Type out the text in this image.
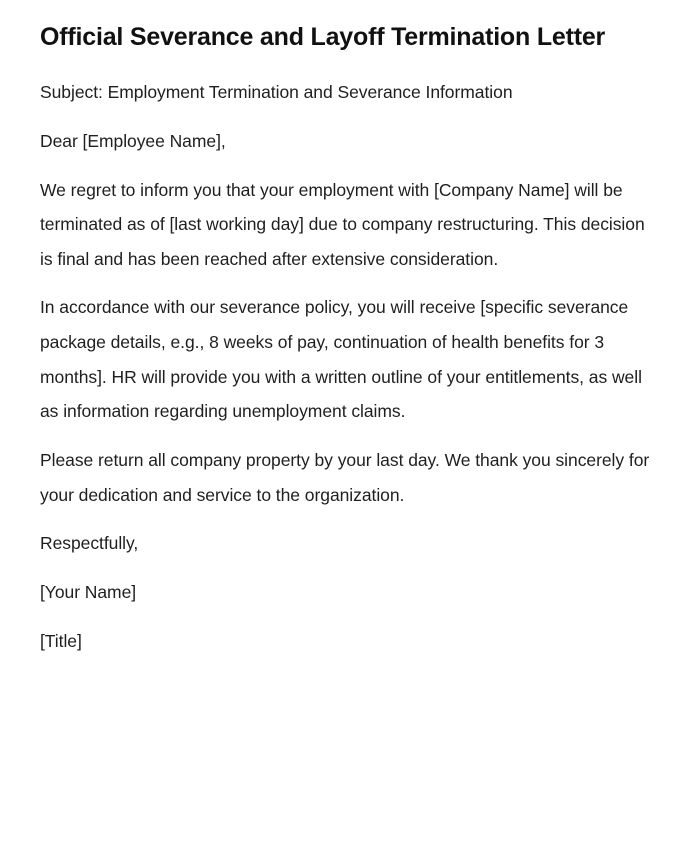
Official Severance and Layoff Termination Letter

Subject: Employment Termination and Severance Information

Dear [Employee Name],

We regret to inform you that your employment with [Company Name] will be terminated as of [last working day] due to company restructuring. This decision is final and has been reached after extensive consideration.

In accordance with our severance policy, you will receive [specific severance package details, e.g., 8 weeks of pay, continuation of health benefits for 3 months]. HR will provide you with a written outline of your entitlements, as well as information regarding unemployment claims.

Please return all company property by your last day. We thank you sincerely for your dedication and service to the organization.

Respectfully,

[Your Name]

[Title]
